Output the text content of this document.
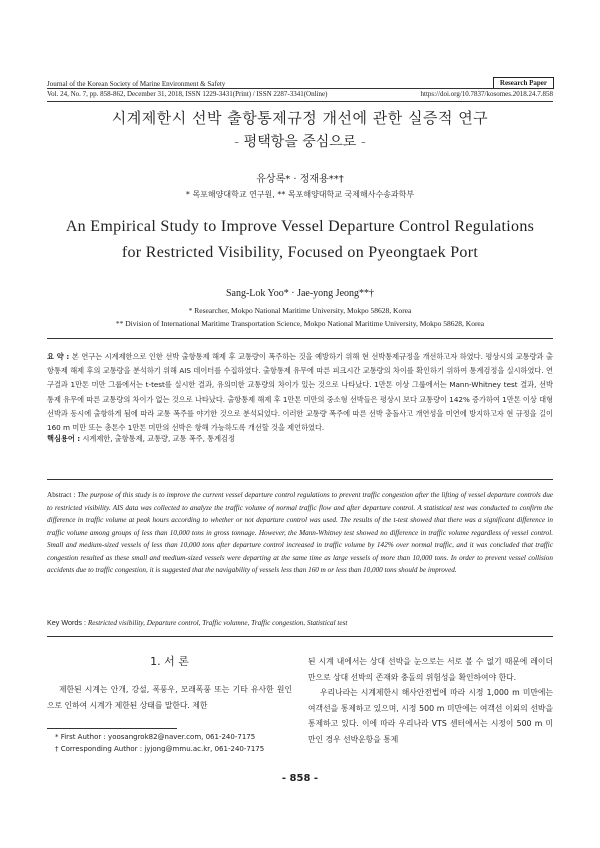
Journal of the Korean Society of Marine Environment & Safety
Vol. 24, No. 7, pp. 858-862, December 31, 2018, ISSN 1229-3431(Print) / ISSN 2287-3341(Online)	https://doi.org/10.7837/kosomes.2018.24.7.858
Research Paper
시계제한시 선박 출항통제규정 개선에 관한 실증적 연구
- 평택항을 중심으로 -
유상록* · 정재용**†
* 목포해양대학교 연구원, ** 목포해양대학교 국제해사수송과학부
An Empirical Study to Improve Vessel Departure Control Regulations
for Restricted Visibility, Focused on Pyeongtaek Port
Sang-Lok Yoo* · Jae-yong Jeong**†
* Researcher, Mokpo National Maritime University, Mokpo 58628, Korea
** Division of International Maritime Transportation Science, Mokpo National Maritime University, Mokpo 58628, Korea
요 약 : 본 연구는 시계제한으로 인한 선박 출항통제 해제 후 교통량이 폭주하는 것을 예방하기 위해 현 선박통제규정을 개선하고자 하였다. 평상시의 교통량과 출항통제 해제 후의 교통량을 분석하기 위해 AIS 데이터를 수집하였다. 출항통제 유무에 따른 피크시간 교통량의 차이를 확인하기 위하여 통계검정을 실시하였다. 연구결과 1만톤 미만 그룹에서는 t-test를 실시한 결과, 유의미한 교통량의 차이가 있는 것으로 나타났다. 1만톤 이상 그룹에서는 Mann-Whitney test 결과, 선박 통제 유무에 따른 교통량의 차이가 없는 것으로 나타났다. 출항통제 해제 후 1만톤 미만의 중소형 선박들은 평상시 보다 교통량이 142% 증가하여 1만톤 이상 대형선박과 동시에 출항하게 됨에 따라 교통 폭주를 야기한 것으로 분석되었다. 이러한 교통량 폭주에 따른 선박 충돌사고 개연성을 미연에 방지하고자 현 규정을 길이 160 m 미만 또는 총톤수 1만톤 미만의 선박은 항해 가능하도록 개선할 것을 제언하였다.
핵심용어 : 시계제한, 출항통제, 교통량, 교통 폭주, 통계검정
Abstract : The purpose of this study is to improve the current vessel departure control regulations to prevent traffic congestion after the lifting of vessel departure controls due to restricted visibility. AIS data was collected to analyze the traffic volume of normal traffic flow and after departure control. A statistical test was conducted to confirm the difference in traffic volume at peak hours according to whether or not departure control was used. The results of the t-test showed that there was a significant difference in traffic volume among groups of less than 10,000 tons in gross tonnage. However, the Mann-Whitney test showed no difference in traffic volume regardless of vessel control. Small and medium-sized vessels of less than 10,000 tons after departure control increased in traffic volume by 142% over normal traffic, and it was concluded that traffic congestion resulted as these small and medium-sized vessels were departing at the same time as large vessels of more than 10,000 tons. In order to prevent vessel collision accidents due to traffic congestion, it is suggested that the navigability of vessels less than 160 m or less than 10,000 tons should be improved.
Key Words : Restricted visibility, Departure control, Traffic volumne, Traffic congestion, Statistical test
1. 서 론
제한된 시계는 안개, 강설, 폭풍우, 모래폭풍 또는 기타 유사한 원인으로 인하여 시계가 제한된 상태를 말한다. 제한

된 시계 내에서는 상대 선박을 눈으로는 서로 볼 수 없기 때문에 레이더만으로 상대 선박의 존재와 충돌의 위험성을 확인하여야 한다.

우리나라는 시계제한시 해사안전법에 따라 시정 1,000 m 미만에는 여객선을 통제하고 있으며, 시정 500 m 미만에는 여객선 이외의 선박을 통제하고 있다. 이에 따라 우리나라 VTS 센터에서는 시정이 500 m 미만인 경우 선박운항을 통제

* First Author : yoosangrok82@naver.com, 061-240-7175
† Corresponding Author : jyjong@mmu.ac.kr, 061-240-7175
- 858 -
